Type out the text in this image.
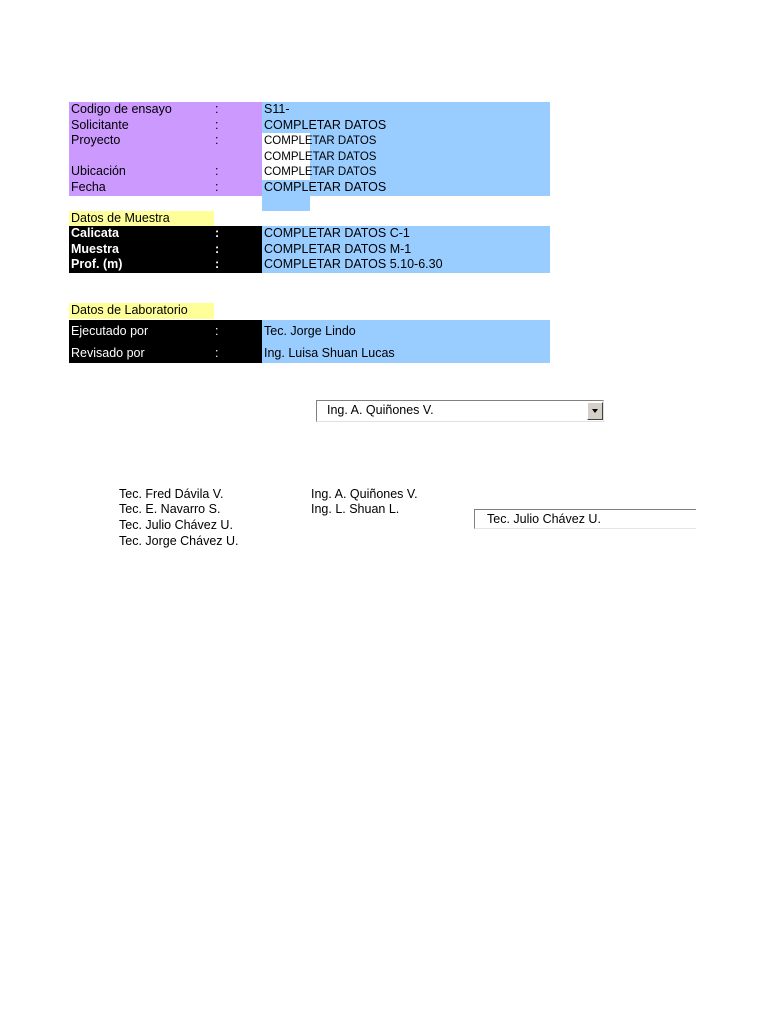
Codigo de ensayo	:	S11-
Solicitante	:	COMPLETAR DATOS
Proyecto	:	COMPLETAR DATOS
COMPLETAR DATOS
Ubicación	:	COMPLETAR DATOS
Fecha	:	COMPLETAR DATOS
Datos de Muestra
Calicata	:	COMPLETAR DATOS C-1
Muestra	:	COMPLETAR DATOS M-1
Prof. (m)	:	COMPLETAR DATOS 5.10-6.30
Datos de Laboratorio
Ejecutado por	:	Tec. Jorge Lindo
Revisado por	:	Ing. Luisa Shuan Lucas
Ing. A. Quiñones V.
Tec. Fred Dávila V.
Tec. E. Navarro S.
Tec. Julio Chávez U.
Tec. Jorge Chávez U.
Ing. A. Quiñones V.
Ing. L. Shuan L.
Tec. Julio Chávez U.
